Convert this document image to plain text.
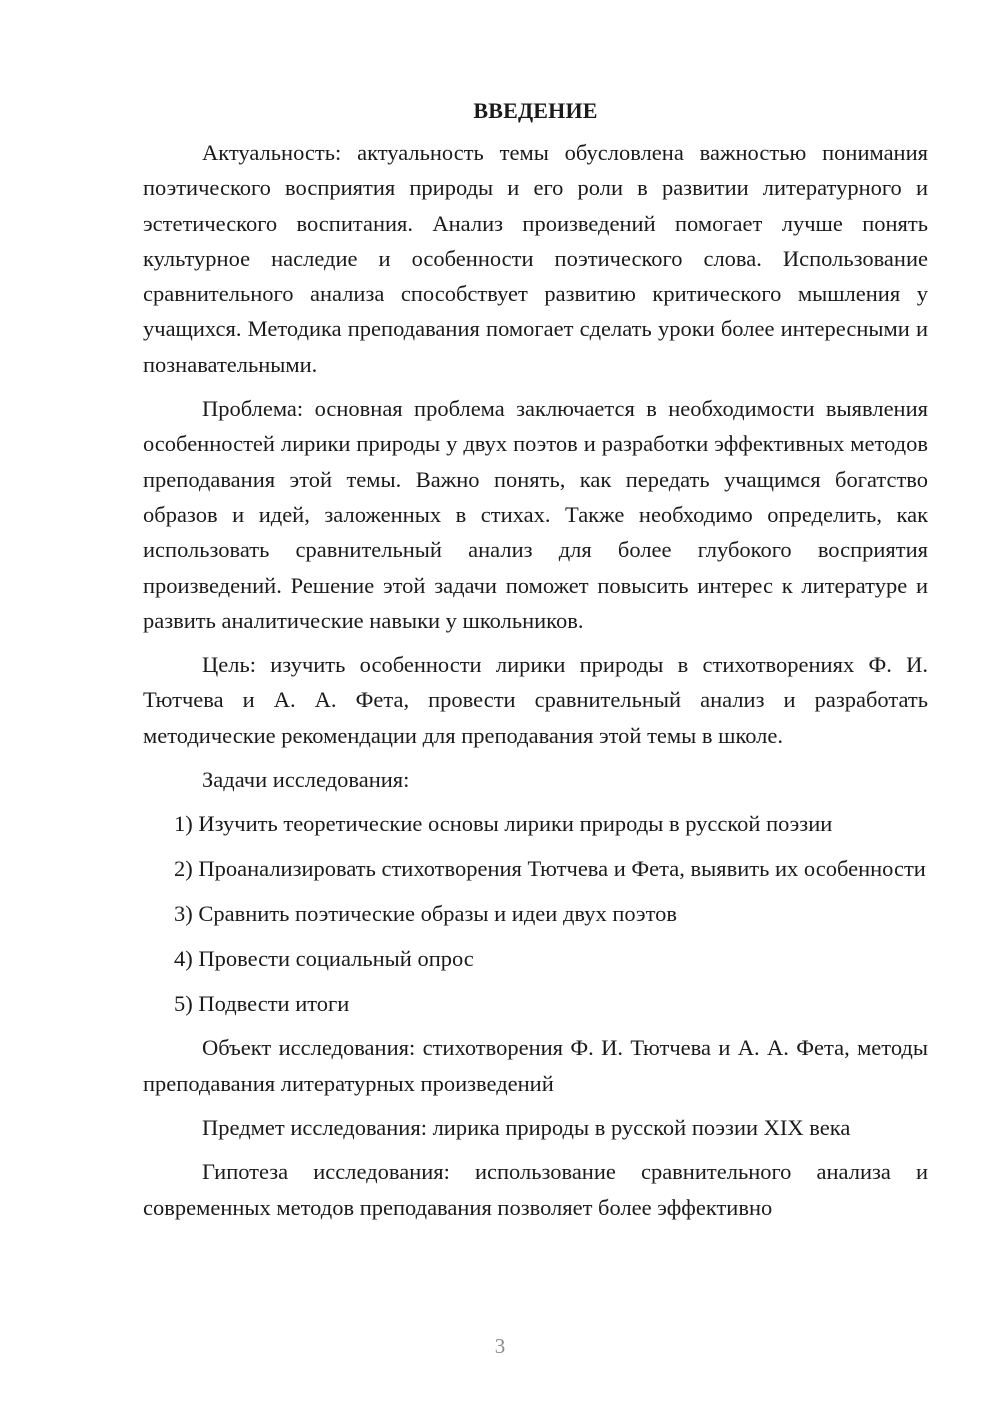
ВВЕДЕНИЕ

Актуальность: актуальность темы обусловлена важностью понимания поэтического восприятия природы и его роли в развитии литературного и эстетического воспитания. Анализ произведений помогает лучше понять культурное наследие и особенности поэтического слова. Использование сравнительного анализа способствует развитию критического мышления у учащихся. Методика преподавания помогает сделать уроки более интересными и познавательными.

Проблема: основная проблема заключается в необходимости выявления особенностей лирики природы у двух поэтов и разработки эффективных методов преподавания этой темы. Важно понять, как передать учащимся богатство образов и идей, заложенных в стихах. Также необходимо определить, как использовать сравнительный анализ для более глубокого восприятия произведений. Решение этой задачи поможет повысить интерес к литературе и развить аналитические навыки у школьников.

Цель: изучить особенности лирики природы в стихотворениях Ф. И. Тютчева и А. А. Фета, провести сравнительный анализ и разработать методические рекомендации для преподавания этой темы в школе.

Задачи исследования:

1) Изучить теоретические основы лирики природы в русской поэзии

2) Проанализировать стихотворения Тютчева и Фета, выявить их особенности

3) Сравнить поэтические образы и идеи двух поэтов

4) Провести социальный опрос

5) Подвести итоги

Объект исследования: стихотворения Ф. И. Тютчева и А. А. Фета, методы преподавания литературных произведений

Предмет исследования: лирика природы в русской поэзии XIX века

Гипотеза исследования: использование сравнительного анализа и современных методов преподавания позволяет более эффективно

3
